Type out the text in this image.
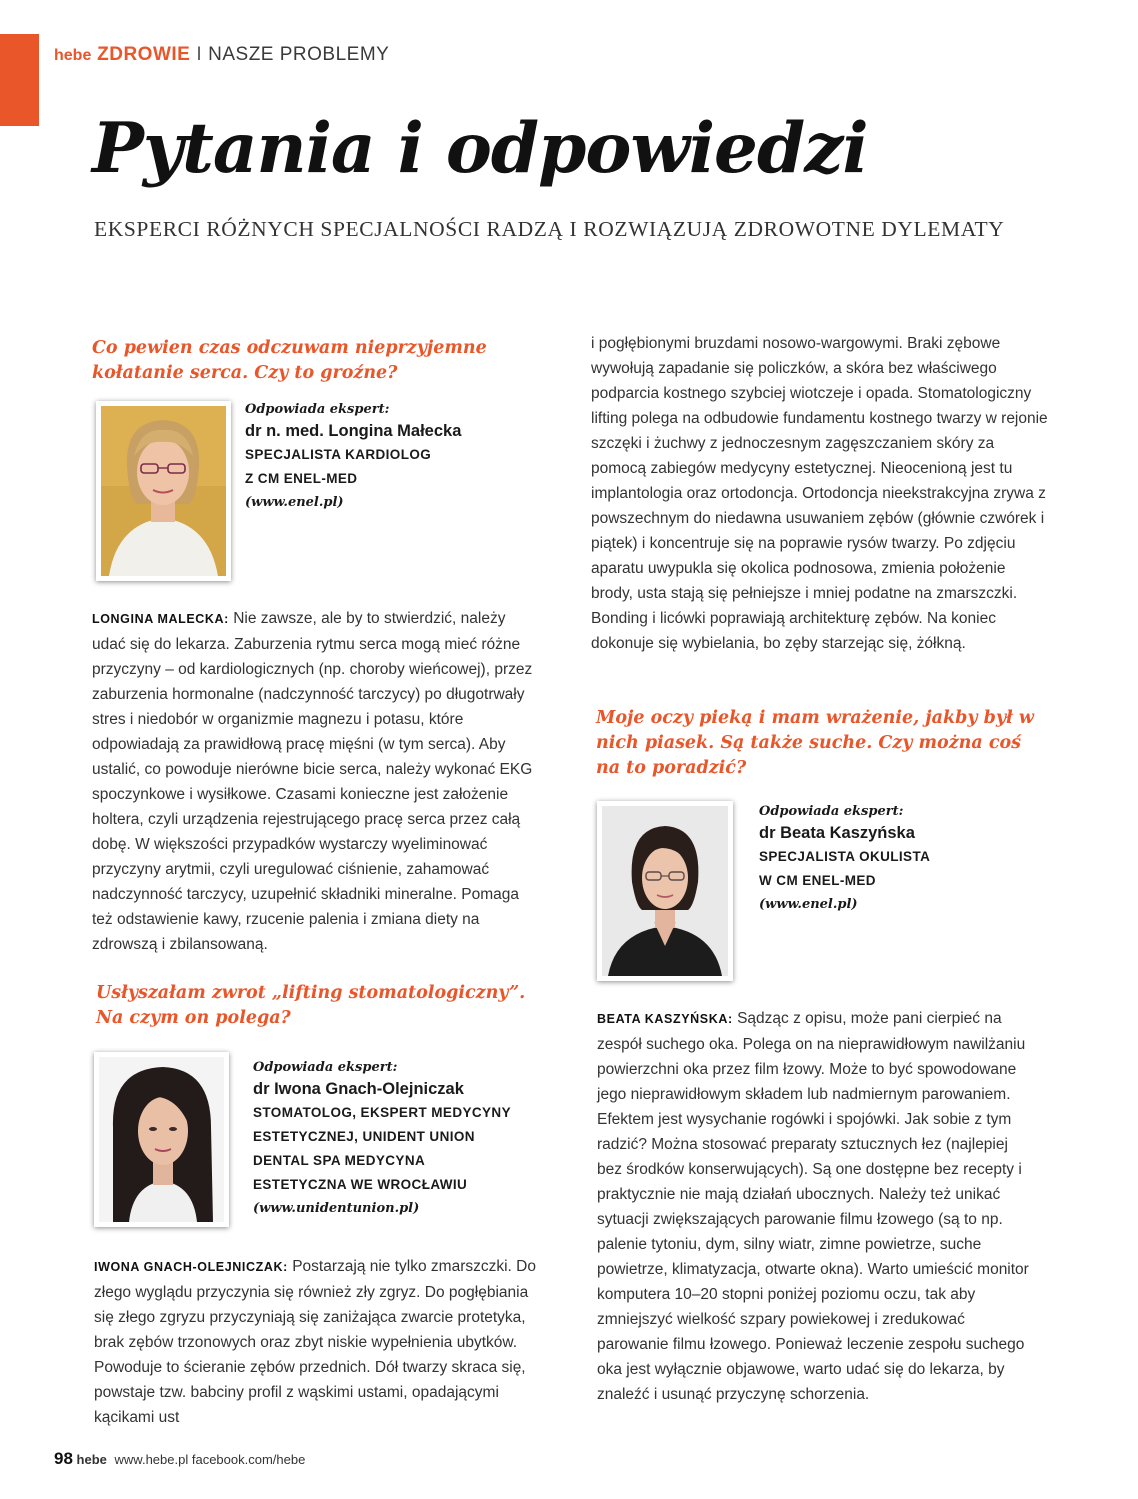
hebe ZDROWIE I NASZE PROBLEMY
Pytania i odpowiedzi
EKSPERCI RÓŻNYCH SPECJALNOŚCI RADZĄ I ROZWIĄZUJĄ ZDROWOTNE DYLEMATY
Co pewien czas odczuwam nieprzyjemne kołatanie serca. Czy to groźne?
Odpowiada ekspert:
dr n. med. Longina Małecka
SPECJALISTA KARDIOLOG
Z CM ENEL-MED
(www.enel.pl)
LONGINA MALECKA: Nie zawsze, ale by to stwierdzić, należy udać się do lekarza. Zaburzenia rytmu serca mogą mieć różne przyczyny – od kardiologicznych (np. choroby wieńcowej), przez zaburzenia hormonalne (nadczynność tarczycy) po długotrwały stres i niedobór w organizmie magnezu i potasu, które odpowiadają za prawidłową pracę mięśni (w tym serca). Aby ustalić, co powoduje nierówne bicie serca, należy wykonać EKG spoczynkowe i wysiłkowe. Czasami konieczne jest założenie holtera, czyli urządzenia rejestrującego pracę serca przez całą dobę. W większości przypadków wystarczy wyeliminować przyczyny arytmii, czyli uregulować ciśnienie, zahamować nadczynność tarczycy, uzupełnić składniki mineralne. Pomaga też odstawienie kawy, rzucenie palenia i zmiana diety na zdrowszą i zbilansowaną.
Usłyszałam zwrot „lifting stomatologiczny”. Na czym on polega?
Odpowiada ekspert:
dr Iwona Gnach-Olejniczak
STOMATOLOG, EKSPERT MEDYCYNY
ESTETYCZNEJ, UNIDENT UNION
DENTAL SPA MEDYCYNA
ESTETYCZNA WE WROCŁAWIU
(www.unidentunion.pl)
IWONA GNACH-OLEJNICZAK: Postarzają nie tylko zmarszczki. Do złego wyglądu przyczynia się również zły zgryz. Do pogłębiania się złego zgryzu przyczyniają się zaniżająca zwarcie protetyka, brak zębów trzonowych oraz zbyt niskie wypełnienia ubytków. Powoduje to ścieranie zębów przednich. Dół twarzy skraca się, powstaje tzw. babciny profil z wąskimi ustami, opadającymi kącikami ust
i pogłębionymi bruzdami nosowo-wargowymi. Braki zębowe wywołują zapadanie się policzków, a skóra bez właściwego podparcia kostnego szybciej wiotczeje i opada. Stomatologiczny lifting polega na odbudowie fundamentu kostnego twarzy w rejonie szczęki i żuchwy z jednoczesnym zagęszczaniem skóry za pomocą zabiegów medycyny estetycznej. Nieocenioną jest tu implantologia oraz ortodoncja. Ortodoncja nieekstrakcyjna zrywa z powszechnym do niedawna usuwaniem zębów (głównie czwórek i piątek) i koncentruje się na poprawie rysów twarzy. Po zdjęciu aparatu uwypukla się okolica podnosowa, zmienia położenie brody, usta stają się pełniejsze i mniej podatne na zmarszczki. Bonding i licówki poprawiają architekturę zębów. Na koniec dokonuje się wybielania, bo zęby starzejąc się, żółkną.
Moje oczy pieką i mam wrażenie, jakby był w nich piasek. Są także suche. Czy można coś na to poradzić?
Odpowiada ekspert:
dr Beata Kaszyńska
SPECJALISTA OKULISTA
W CM ENEL-MED
(www.enel.pl)
BEATA KASZYŃSKA: Sądząc z opisu, może pani cierpieć na zespół suchego oka. Polega on na nieprawidłowym nawilżaniu powierzchni oka przez film łzowy. Może to być spowodowane jego nieprawidłowym składem lub nadmiernym parowaniem. Efektem jest wysychanie rogówki i spojówki. Jak sobie z tym radzić? Można stosować preparaty sztucznych łez (najlepiej bez środków konserwujących). Są one dostępne bez recepty i praktycznie nie mają działań ubocznych. Należy też unikać sytuacji zwiększających parowanie filmu łzowego (są to np. palenie tytoniu, dym, silny wiatr, zimne powietrze, suche powietrze, klimatyzacja, otwarte okna). Warto umieścić monitor komputera 10–20 stopni poniżej poziomu oczu, tak aby zmniejszyć wielkość szpary powiekowej i zredukować parowanie filmu łzowego. Ponieważ leczenie zespołu suchego oka jest wyłącznie objawowe, warto udać się do lekarza, by znaleźć i usunąć przyczynę schorzenia.
98 hebe www.hebe.pl facebook.com/hebe
